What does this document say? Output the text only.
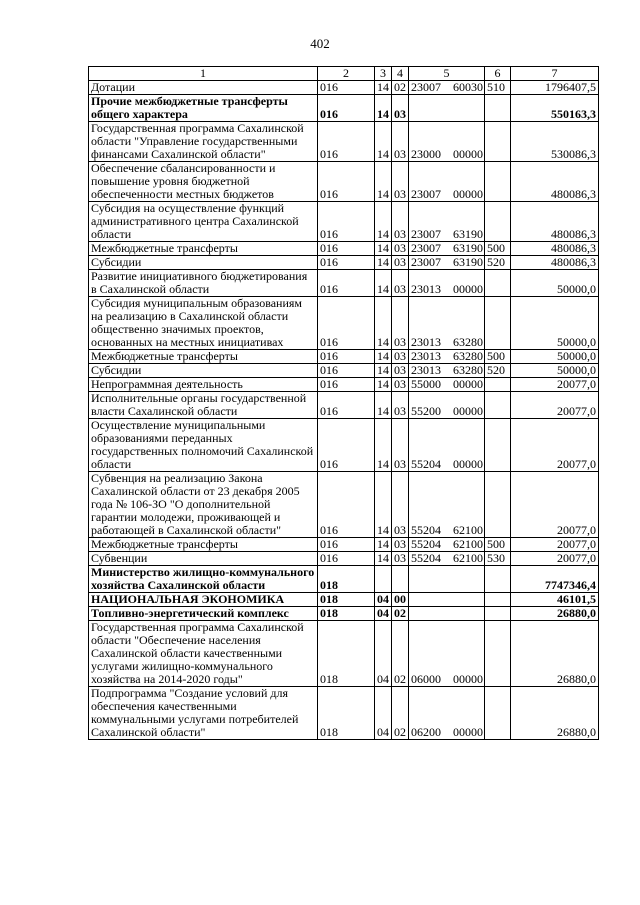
402
1	2	3	4	5	6	7
Дотации	016	14	02	23007 60030	510	1796407,5
Прочие межбюджетные трансферты общего характера	016	14	03			550163,3
Государственная программа Сахалинской области "Управление государственными финансами Сахалинской области"	016	14	03	23000 00000		530086,3
Обеспечение сбалансированности и повышение уровня бюджетной обеспеченности местных бюджетов	016	14	03	23007 00000		480086,3
Субсидия на осуществление функций административного центра Сахалинской области	016	14	03	23007 63190		480086,3
Межбюджетные трансферты	016	14	03	23007 63190	500	480086,3
Субсидии	016	14	03	23007 63190	520	480086,3
Развитие инициативного бюджетирования в Сахалинской области	016	14	03	23013 00000		50000,0
Субсидия муниципальным образованиям на реализацию в Сахалинской области общественно значимых проектов, основанных на местных инициативах	016	14	03	23013 63280		50000,0
Межбюджетные трансферты	016	14	03	23013 63280	500	50000,0
Субсидии	016	14	03	23013 63280	520	50000,0
Непрограммная деятельность	016	14	03	55000 00000		20077,0
Исполнительные органы государственной власти Сахалинской области	016	14	03	55200 00000		20077,0
Осуществление муниципальными образованиями переданных государственных полномочий Сахалинской области	016	14	03	55204 00000		20077,0
Субвенция на реализацию Закона Сахалинской области от 23 декабря 2005 года № 106-ЗО "О дополнительной гарантии молодежи, проживающей и работающей в Сахалинской области"	016	14	03	55204 62100		20077,0
Межбюджетные трансферты	016	14	03	55204 62100	500	20077,0
Субвенции	016	14	03	55204 62100	530	20077,0
Министерство жилищно-коммунального хозяйства Сахалинской области	018					7747346,4
НАЦИОНАЛЬНАЯ ЭКОНОМИКА	018	04	00			46101,5
Топливно-энергетический комплекс	018	04	02			26880,0
Государственная программа Сахалинской области "Обеспечение населения Сахалинской области качественными услугами жилищно-коммунального хозяйства на 2014-2020 годы"	018	04	02	06000 00000		26880,0
Подпрограмма "Создание условий для обеспечения качественными коммунальными услугами потребителей Сахалинской области"	018	04	02	06200 00000		26880,0
